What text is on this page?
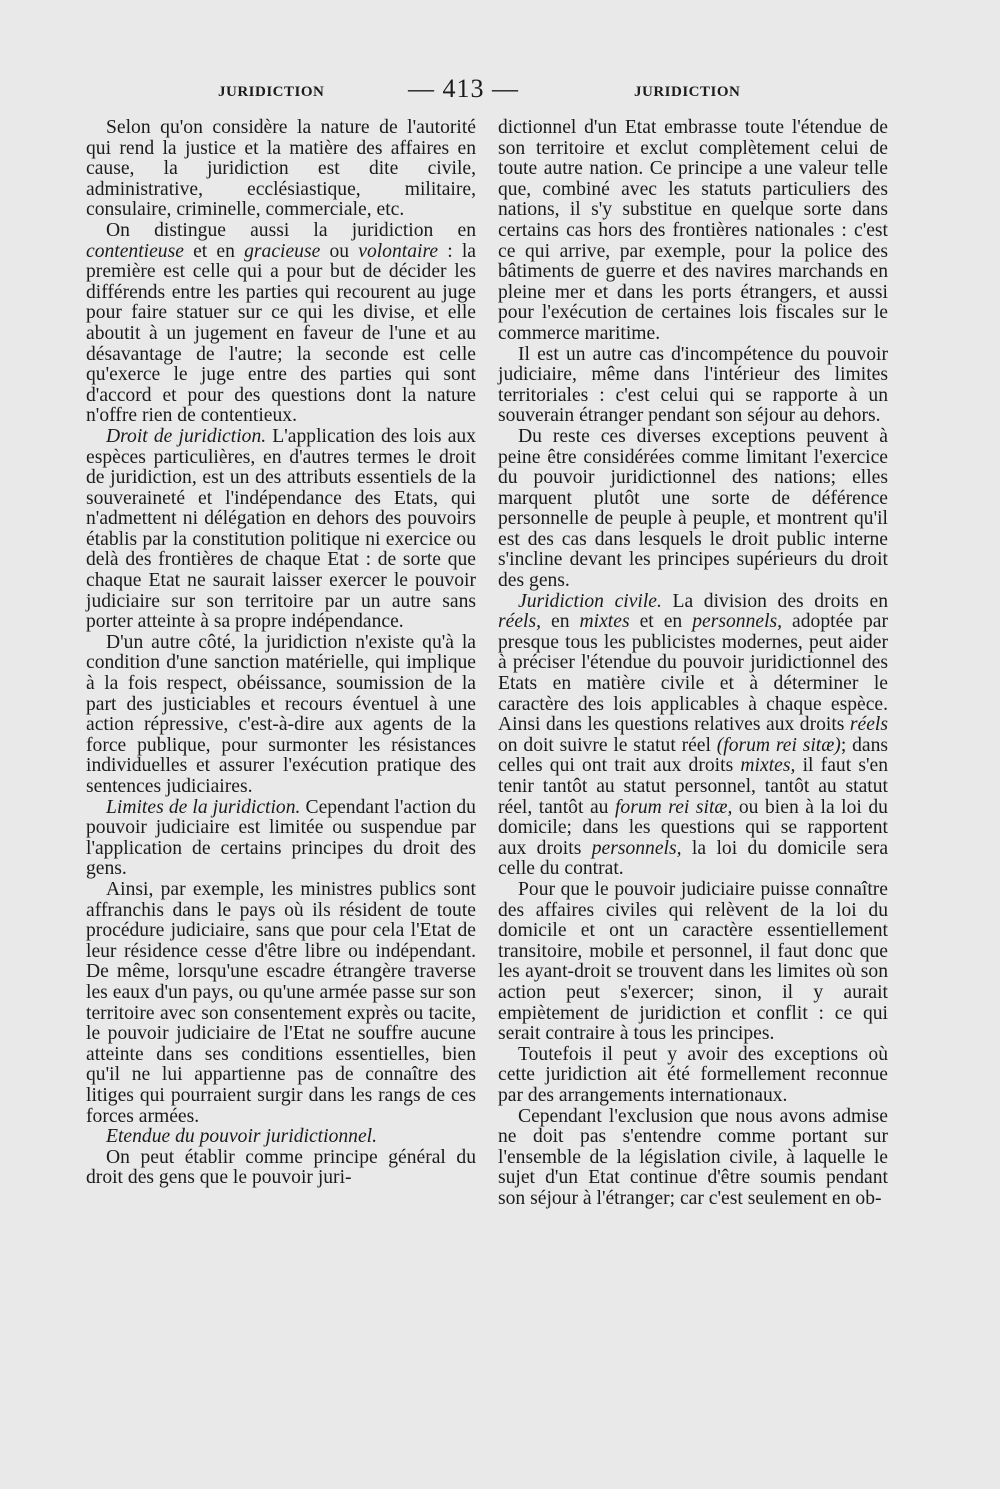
JURIDICTION	— 413 —	JURIDICTION

Selon qu'on considère la nature de l'autorité qui rend la justice et la matière des affaires en cause, la juridiction est dite civile, administrative, ecclésiastique, militaire, consulaire, criminelle, commerciale, etc.

On distingue aussi la juridiction en contentieuse et en gracieuse ou volontaire : la première est celle qui a pour but de décider les différends entre les parties qui recourent au juge pour faire statuer sur ce qui les divise, et elle aboutit à un jugement en faveur de l'une et au désavantage de l'autre; la seconde est celle qu'exerce le juge entre des parties qui sont d'accord et pour des questions dont la nature n'offre rien de contentieux.

Droit de juridiction. L'application des lois aux espèces particulières, en d'autres termes le droit de juridiction, est un des attributs essentiels de la souveraineté et l'indépendance des Etats, qui n'admettent ni délégation en dehors des pouvoirs établis par la constitution politique ni exercice ou delà des frontières de chaque Etat : de sorte que chaque Etat ne saurait laisser exercer le pouvoir judiciaire sur son territoire par un autre sans porter atteinte à sa propre indépendance.

D'un autre côté, la juridiction n'existe qu'à la condition d'une sanction matérielle, qui implique à la fois respect, obéissance, soumission de la part des justiciables et recours éventuel à une action répressive, c'est-à-dire aux agents de la force publique, pour surmonter les résistances individuelles et assurer l'exécution pratique des sentences judiciaires.

Limites de la juridiction. Cependant l'action du pouvoir judiciaire est limitée ou suspendue par l'application de certains principes du droit des gens.

Ainsi, par exemple, les ministres publics sont affranchis dans le pays où ils résident de toute procédure judiciaire, sans que pour cela l'Etat de leur résidence cesse d'être libre ou indépendant. De même, lorsqu'une escadre étrangère traverse les eaux d'un pays, ou qu'une armée passe sur son territoire avec son consentement exprès ou tacite, le pouvoir judiciaire de l'Etat ne souffre aucune atteinte dans ses conditions essentielles, bien qu'il ne lui appartienne pas de connaître des litiges qui pourraient surgir dans les rangs de ces forces armées.

Etendue du pouvoir juridictionnel.

On peut établir comme principe général du droit des gens que le pouvoir juri-

dictionnel d'un Etat embrasse toute l'étendue de son territoire et exclut complètement celui de toute autre nation. Ce principe a une valeur telle que, combiné avec les statuts particuliers des nations, il s'y substitue en quelque sorte dans certains cas hors des frontières nationales : c'est ce qui arrive, par exemple, pour la police des bâtiments de guerre et des navires marchands en pleine mer et dans les ports étrangers, et aussi pour l'exécution de certaines lois fiscales sur le commerce maritime.

Il est un autre cas d'incompétence du pouvoir judiciaire, même dans l'intérieur des limites territoriales : c'est celui qui se rapporte à un souverain étranger pendant son séjour au dehors.

Du reste ces diverses exceptions peuvent à peine être considérées comme limitant l'exercice du pouvoir juridictionnel des nations; elles marquent plutôt une sorte de déférence personnelle de peuple à peuple, et montrent qu'il est des cas dans lesquels le droit public interne s'incline devant les principes supérieurs du droit des gens.

Juridiction civile. La division des droits en réels, en mixtes et en personnels, adoptée par presque tous les publicistes modernes, peut aider à préciser l'étendue du pouvoir juridictionnel des Etats en matière civile et à déterminer le caractère des lois applicables à chaque espèce. Ainsi dans les questions relatives aux droits réels on doit suivre le statut réel (forum rei sitæ); dans celles qui ont trait aux droits mixtes, il faut s'en tenir tantôt au statut personnel, tantôt au statut réel, tantôt au forum rei sitæ, ou bien à la loi du domicile; dans les questions qui se rapportent aux droits personnels, la loi du domicile sera celle du contrat.

Pour que le pouvoir judiciaire puisse connaître des affaires civiles qui relèvent de la loi du domicile et ont un caractère essentiellement transitoire, mobile et personnel, il faut donc que les ayant-droit se trouvent dans les limites où son action peut s'exercer; sinon, il y aurait empiètement de juridiction et conflit : ce qui serait contraire à tous les principes.

Toutefois il peut y avoir des exceptions où cette juridiction ait été formellement reconnue par des arrangements internationaux.

Cependant l'exclusion que nous avons admise ne doit pas s'entendre comme portant sur l'ensemble de la législation civile, à laquelle le sujet d'un Etat continue d'être soumis pendant son séjour à l'étranger; car c'est seulement en ob-
